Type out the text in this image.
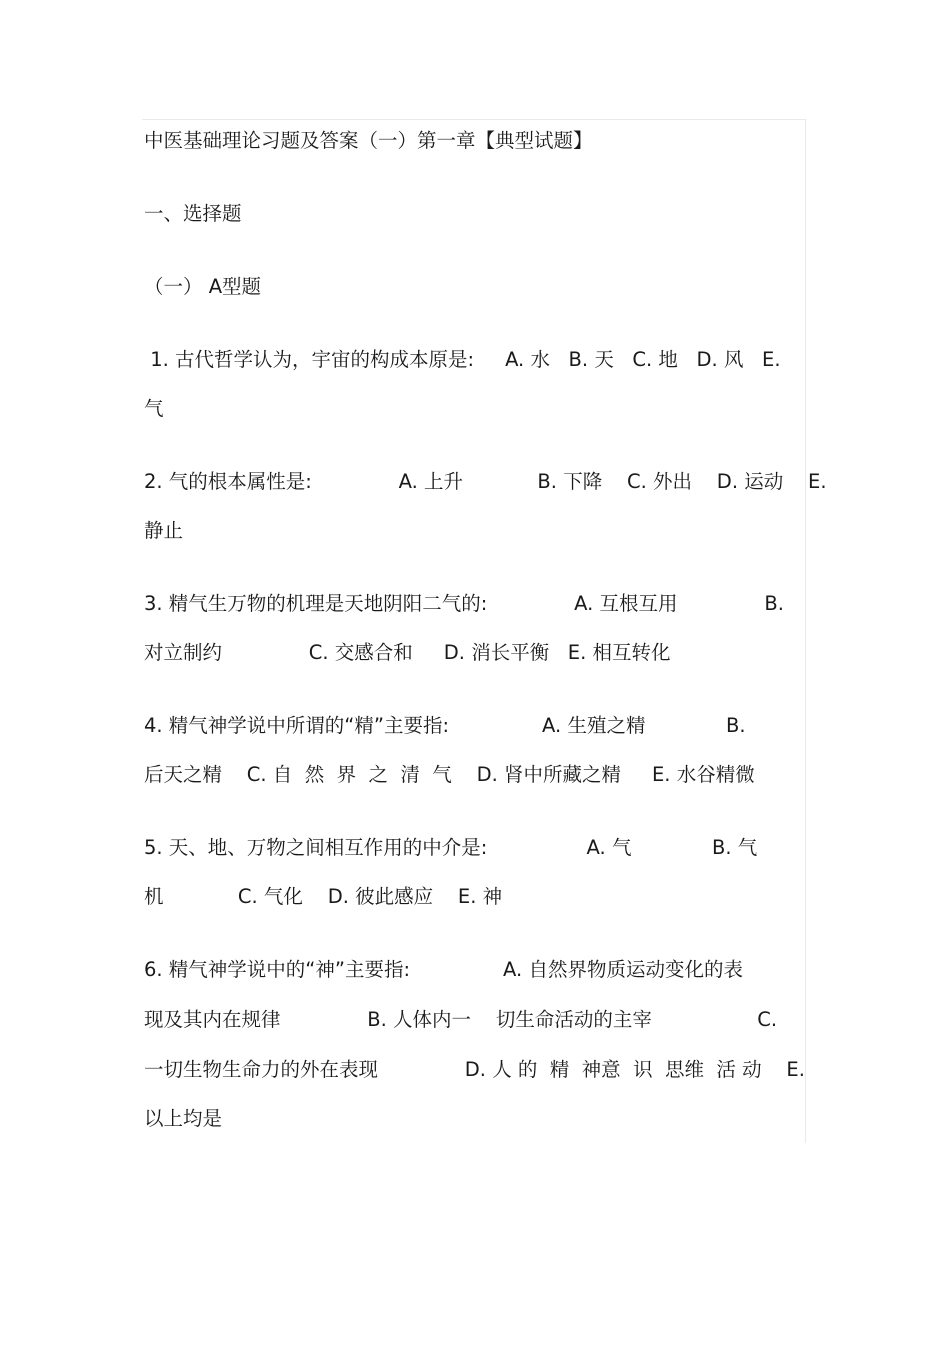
中医基础理论习题及答案（一）第一章【典型试题】
一、选择题
（一） A型题
1. 古代哲学认为，宇宙的构成本原是:     A. 水   B. 天   C. 地   D. 风   E.
气
2. 气的根本属性是:              A. 上升            B. 下降    C. 外出    D. 运动    E.
静止
3. 精气生万物的机理是天地阴阳二气的:              A. 互根互用              B.
对立制约              C. 交感合和     D. 消长平衡   E. 相互转化
4. 精气神学说中所谓的“精”主要指:               A. 生殖之精             B.
后天之精    C. 自  然  界  之  清  气    D. 肾中所藏之精     E. 水谷精微
5. 天、地、万物之间相互作用的中介是:                A. 气             B. 气
机            C. 气化    D. 彼此感应    E. 神
6. 精气神学说中的“神”主要指:               A. 自然界物质运动变化的表
现及其内在规律              B. 人体内一    切生命活动的主宰                 C.
一切生物生命力的外在表现              D. 人 的  精  神意  识  思维  活 动    E.
以上均是
